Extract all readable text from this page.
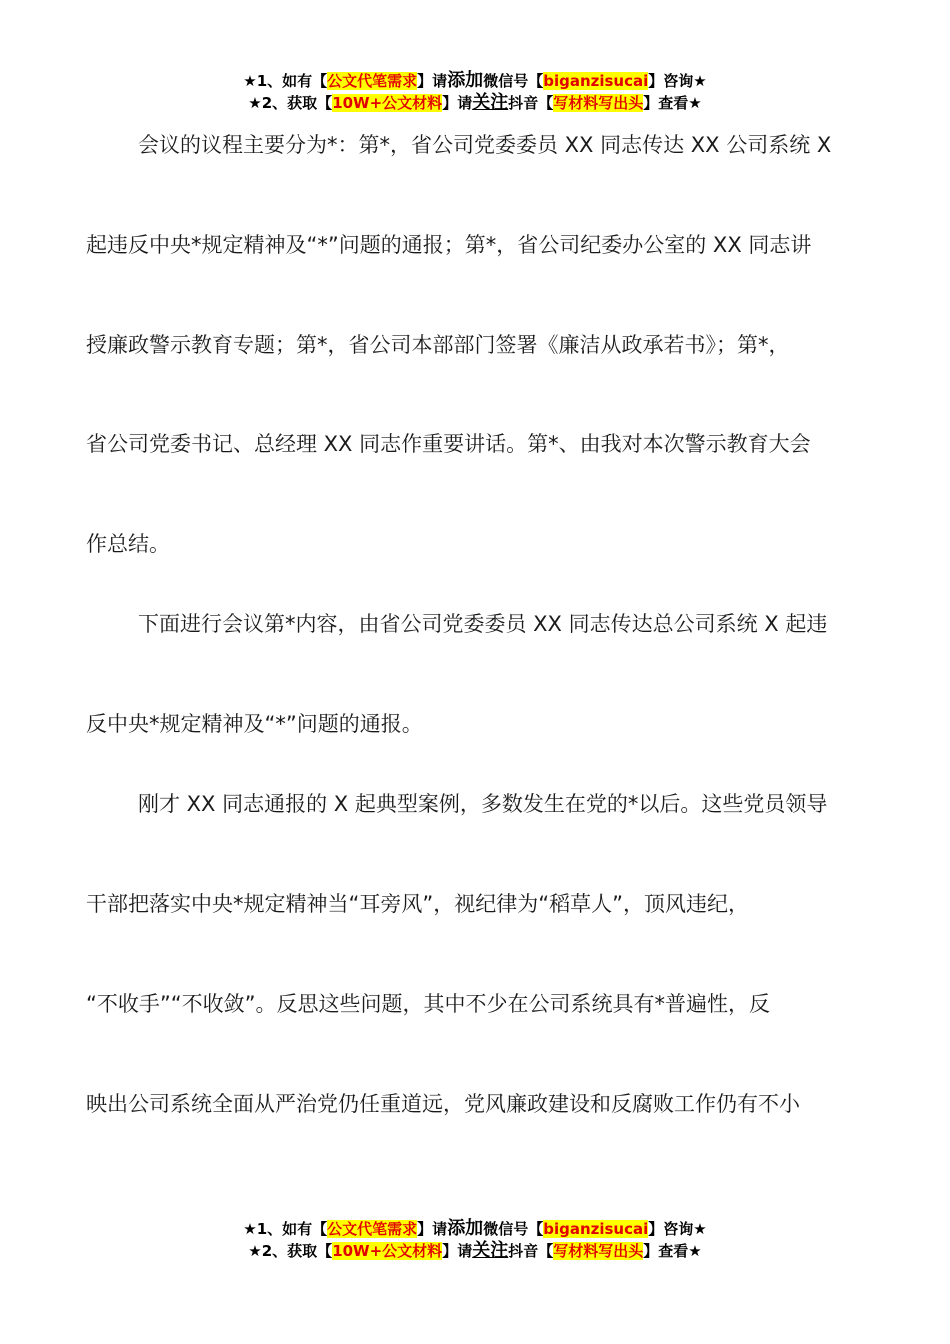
★1、如有【公文代笔需求】请添加微信号【biganzisucai】咨询★
★2、获取【10W+公文材料】请关注抖音【写材料写出头】查看★
会议的议程主要分为*：第*，省公司党委委员 XX 同志传达 XX 公司系统 X
起违反中央*规定精神及“*”问题的通报；第*，省公司纪委办公室的 XX 同志讲
授廉政警示教育专题；第*，省公司本部部门签署《廉洁从政承若书》；第*，
省公司党委书记、总经理 XX 同志作重要讲话。第*、由我对本次警示教育大会
作总结。
下面进行会议第*内容，由省公司党委委员 XX 同志传达总公司系统 X 起违
反中央*规定精神及“*”问题的通报。
刚才 XX 同志通报的 X 起典型案例，多数发生在党的*以后。这些党员领导
干部把落实中央*规定精神当“耳旁风”，视纪律为“稻草人”，顶风违纪，
“不收手”“不收敛”。反思这些问题，其中不少在公司系统具有*普遍性，反
映出公司系统全面从严治党仍任重道远，党风廉政建设和反腐败工作仍有不小
★1、如有【公文代笔需求】请添加微信号【biganzisucai】咨询★
★2、获取【10W+公文材料】请关注抖音【写材料写出头】查看★
